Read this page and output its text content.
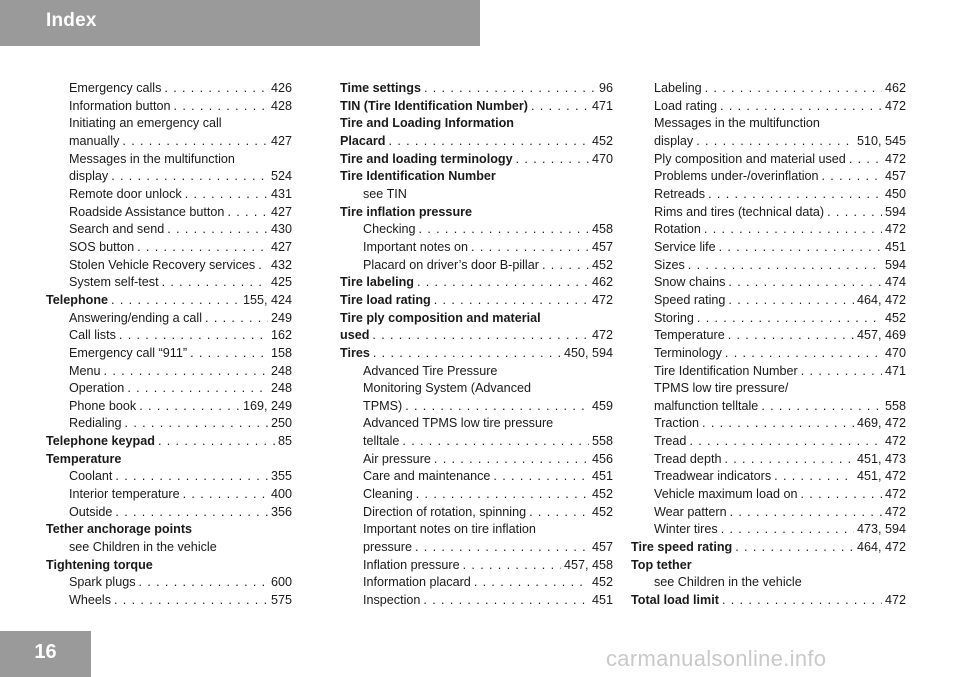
Index
Emergency calls . . .	426
Information button . . .	428
Initiating an emergency call
manually . . .	427
Messages in the multifunction
display . . .	524
Remote door unlock . . .	431
Roadside Assistance button . . .	427
Search and send . . .	430
SOS button . . .	427
Stolen Vehicle Recovery services . . . 432
System self-test . . .	425
Telephone . . .	155, 424
Answering/ending a call . . .	249
Call lists . . .	162
Emergency call “911” . . .	158
Menu . . .	248
Operation . . .	248
Phone book . . .	169, 249
Redialing . . .	250
Telephone keypad . . .	85
Temperature
Coolant . . .	355
Interior temperature . . .	400
Outside . . .	356
Tether anchorage points
see Children in the vehicle
Tightening torque
Spark plugs . . .	600
Wheels . . .	575
Time settings . . .	96
TIN (Tire Identification Number) . . .	471
Tire and Loading Information
Placard . . .	452
Tire and loading terminology . . .	470
Tire Identification Number
see TIN
Tire inflation pressure
Checking . . .	458
Important notes on . . .	457
Placard on driver’s door B-pillar . . .	452
Tire labeling . . .	462
Tire load rating . . .	472
Tire ply composition and material
used . . .	472
Tires . . .	450, 594
Advanced Tire Pressure
Monitoring System (Advanced
TPMS) . . .	459
Advanced TPMS low tire pressure
telltale . . .	558
Air pressure . . .	456
Care and maintenance . . .	451
Cleaning . . .	452
Direction of rotation, spinning . . .	452
Important notes on tire inflation
pressure . . .	457
Inflation pressure . . .	457, 458
Information placard . . .	452
Inspection . . .	451
Labeling . . .	462
Load rating . . .	472
Messages in the multifunction
display . . .	510, 545
Ply composition and material used . . .	472
Problems under-/overinflation . . .	457
Retreads . . .	450
Rims and tires (technical data) . . .	594
Rotation . . .	472
Service life . . .	451
Sizes . . .	594
Snow chains . . .	474
Speed rating . . .	464, 472
Storing . . .	452
Temperature . . .	457, 469
Terminology . . .	470
Tire Identification Number . . .	471
TPMS low tire pressure/
malfunction telltale . . .	558
Traction . . .	469, 472
Tread . . .	472
Tread depth . . .	451, 473
Treadwear indicators . . .	451, 472
Vehicle maximum load on . . .	472
Wear pattern . . .	472
Winter tires . . .	473, 594
Tire speed rating . . .	464, 472
Top tether
see Children in the vehicle
Total load limit . . .	472
16	carmanualsonline.info
